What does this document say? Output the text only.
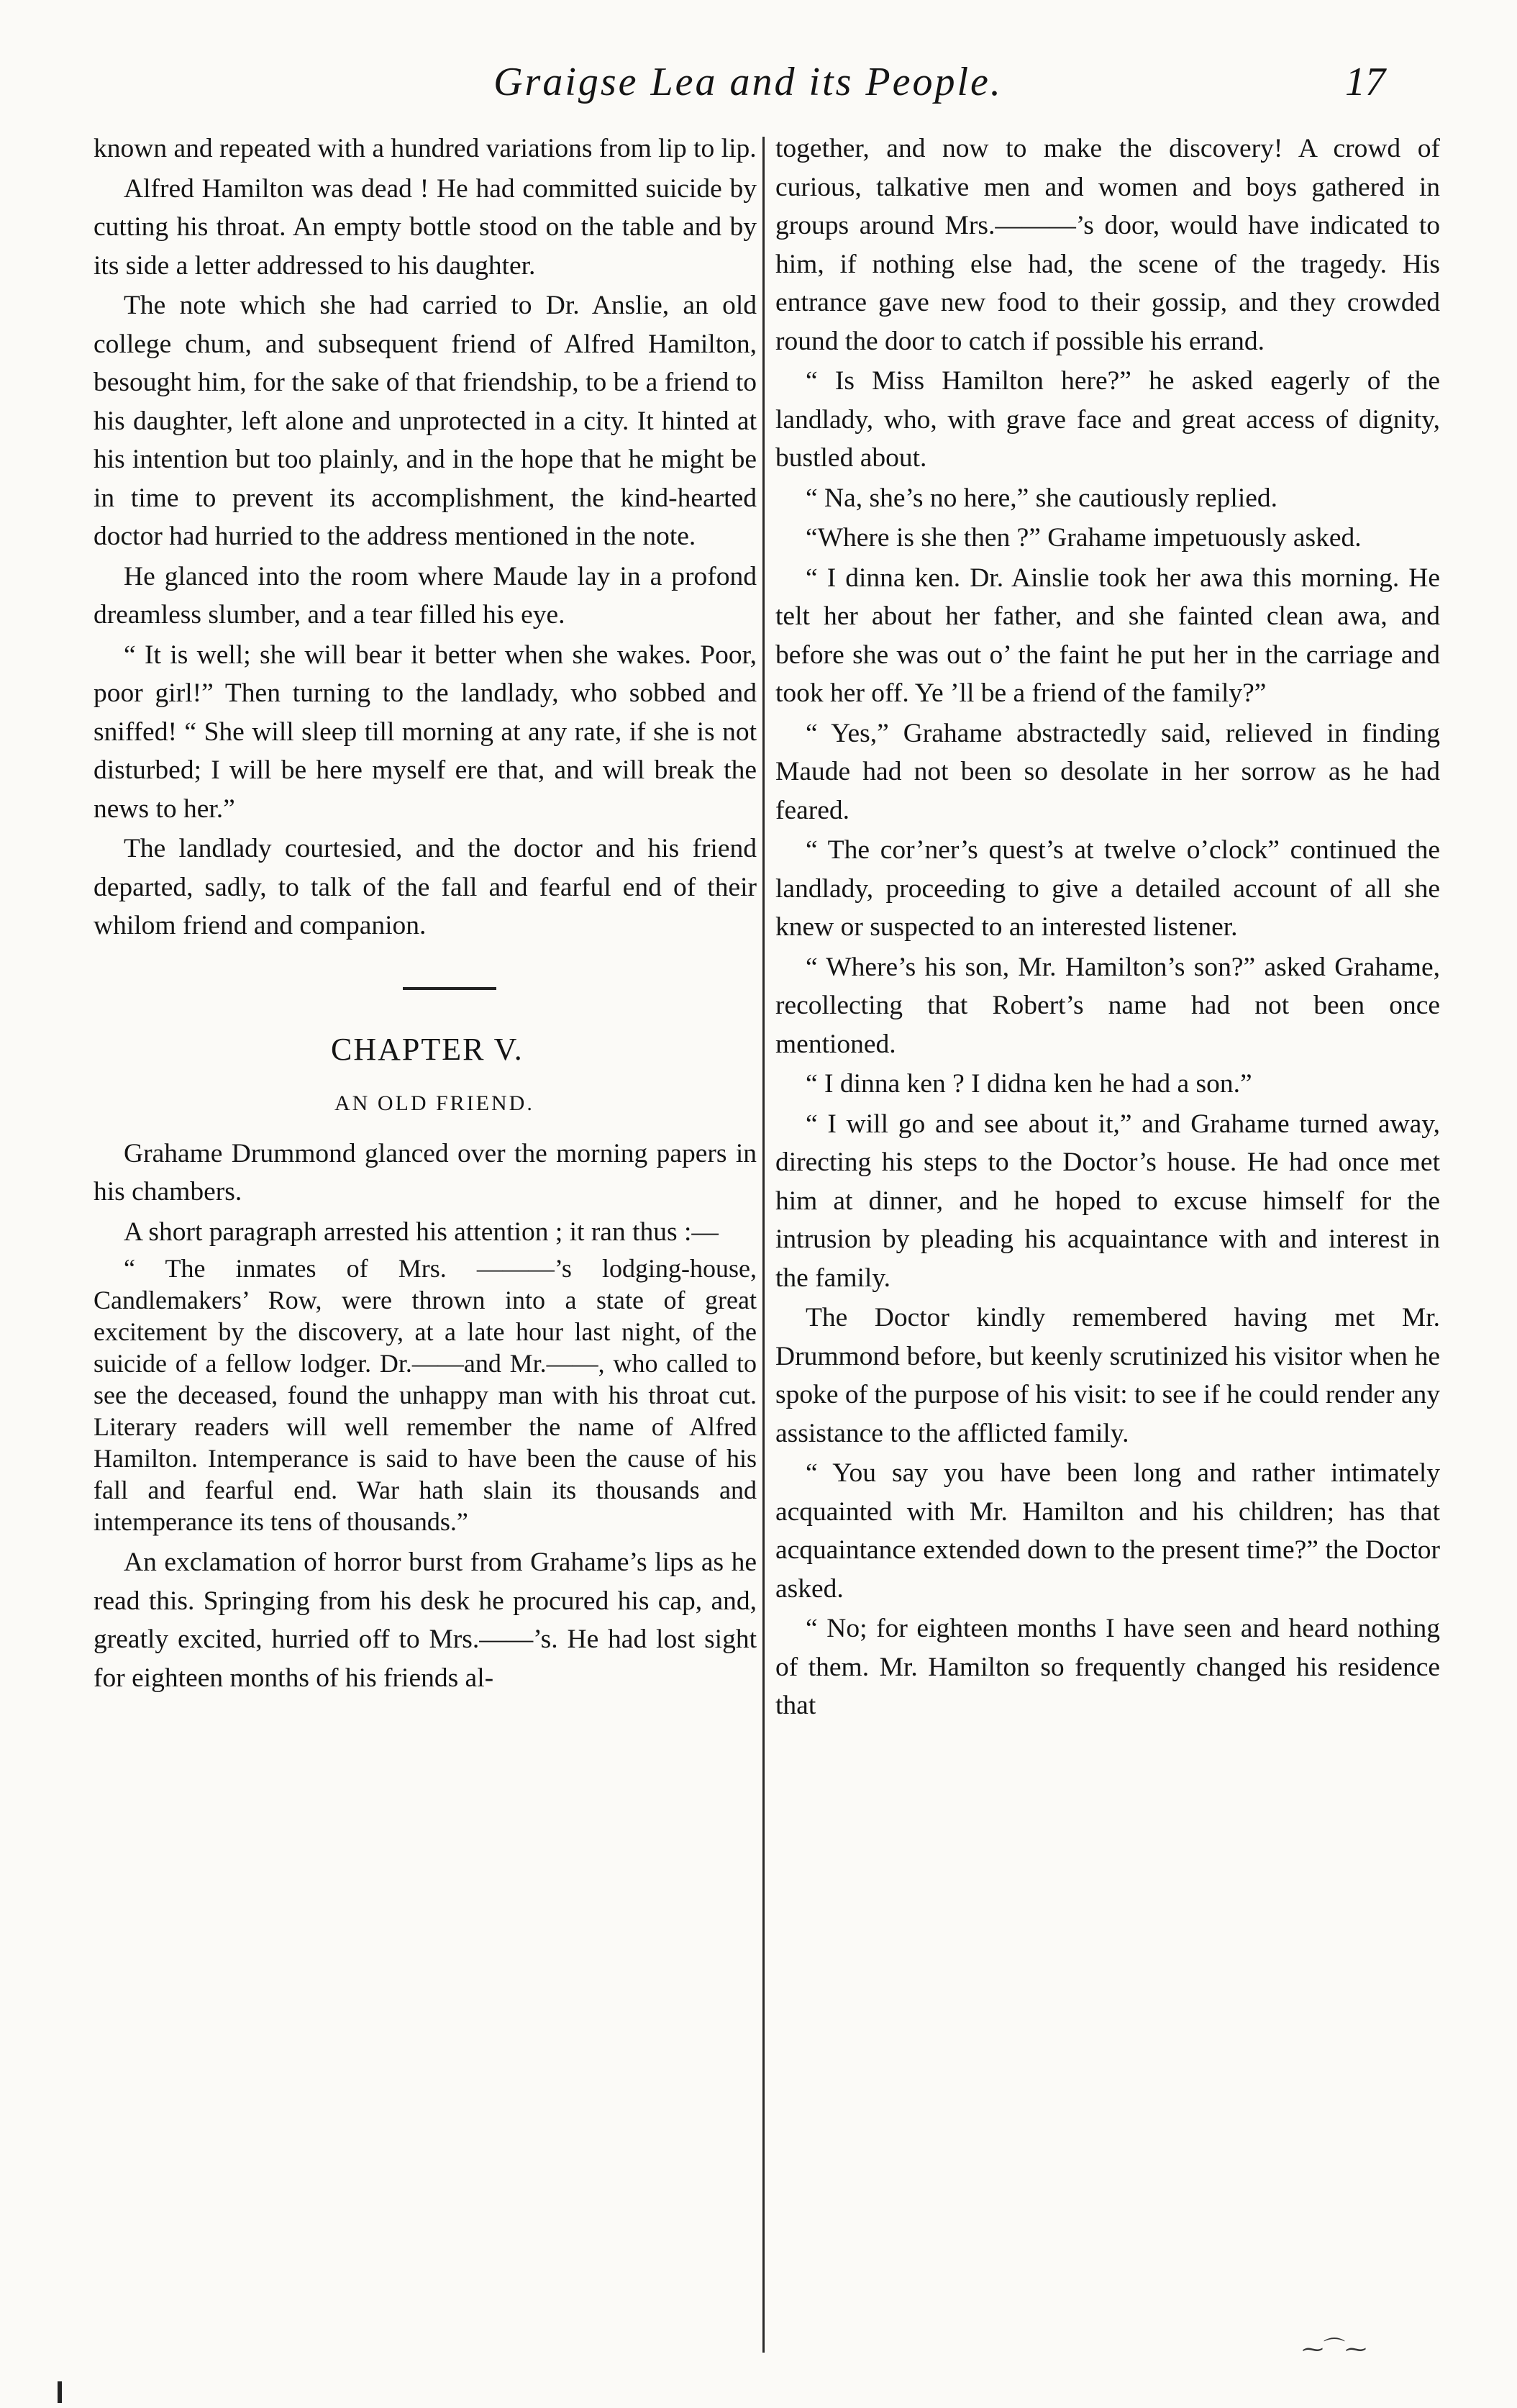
Graigse Lea and its People.	17

known and repeated with a hundred variations from lip to lip.

Alfred Hamilton was dead ! He had committed suicide by cutting his throat. An empty bottle stood on the table and by its side a letter addressed to his daughter.

The note which she had carried to Dr. Anslie, an old college chum, and subsequent friend of Alfred Hamilton, besought him, for the sake of that friendship, to be a friend to his daughter, left alone and unprotected in a city. It hinted at his intention but too plainly, and in the hope that he might be in time to prevent its accomplishment, the kind-hearted doctor had hurried to the address mentioned in the note.

He glanced into the room where Maude lay in a profond dreamless slumber, and a tear filled his eye.

“ It is well; she will bear it better when she wakes. Poor, poor girl!” Then turning to the landlady, who sobbed and sniffed! “ She will sleep till morning at any rate, if she is not disturbed; I will be here myself ere that, and will break the news to her.”

The landlady courtesied, and the doctor and his friend departed, sadly, to talk of the fall and fearful end of their whilom friend and companion.

CHAPTER V.
AN OLD FRIEND.

Grahame Drummond glanced over the morning papers in his chambers.

A short paragraph arrested his attention ; it ran thus :—

“ The inmates of Mrs. ———’s lodging-house, Candlemakers’ Row, were thrown into a state of great excitement by the discovery, at a late hour last night, of the suicide of a fellow lodger. Dr.——and Mr.——, who called to see the deceased, found the unhappy man with his throat cut. Literary readers will well remember the name of Alfred Hamilton. Intemperance is said to have been the cause of his fall and fearful end. War hath slain its thousands and intemperance its tens of thousands.”

An exclamation of horror burst from Grahame’s lips as he read this. Springing from his desk he procured his cap, and, greatly excited, hurried off to Mrs.——’s. He had lost sight for eighteen months of his friends al-

together, and now to make the discovery! A crowd of curious, talkative men and women and boys gathered in groups around Mrs.———’s door, would have indicated to him, if nothing else had, the scene of the tragedy. His entrance gave new food to their gossip, and they crowded round the door to catch if possible his errand.

“ Is Miss Hamilton here?” he asked eagerly of the landlady, who, with grave face and great access of dignity, bustled about.

“ Na, she’s no here,” she cautiously replied.

“Where is she then ?” Grahame impetuously asked.

“ I dinna ken. Dr. Ainslie took her awa this morning. He telt her about her father, and she fainted clean awa, and before she was out o’ the faint he put her in the carriage and took her off. Ye ’ll be a friend of the family?”

“ Yes,” Grahame abstractedly said, relieved in finding Maude had not been so desolate in her sorrow as he had feared.

“ The cor’ner’s quest’s at twelve o’clock” continued the landlady, proceeding to give a detailed account of all she knew or suspected to an interested listener.

“ Where’s his son, Mr. Hamilton’s son?” asked Grahame, recollecting that Robert’s name had not been once mentioned.

“ I dinna ken ? I didna ken he had a son.”

“ I will go and see about it,” and Grahame turned away, directing his steps to the Doctor’s house. He had once met him at dinner, and he hoped to excuse himself for the intrusion by pleading his acquaintance with and interest in the family.

The Doctor kindly remembered having met Mr. Drummond before, but keenly scrutinized his visitor when he spoke of the purpose of his visit: to see if he could render any assistance to the afflicted family.

“ You say you have been long and rather intimately acquainted with Mr. Hamilton and his children; has that acquaintance extended down to the present time?” the Doctor asked.

“ No; for eighteen months I have seen and heard nothing of them. Mr. Hamilton so frequently changed his residence that

⁓⌒⁓
